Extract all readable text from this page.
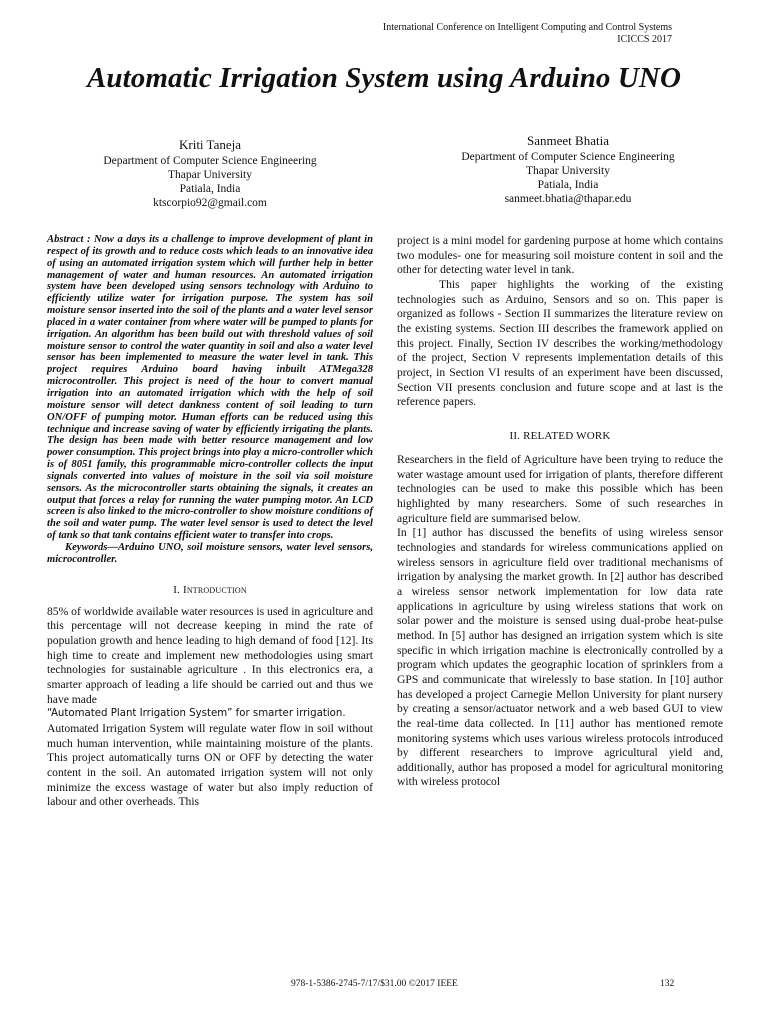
International Conference on Intelligent Computing and Control Systems
ICICCS 2017
Automatic Irrigation System using Arduino UNO
Kriti Taneja
Department of Computer Science Engineering
Thapar University
Patiala, India
ktscorpio92@gmail.com
Sanmeet Bhatia
Department of Computer Science Engineering
Thapar University
Patiala, India
sanmeet.bhatia@thapar.edu

Abstract : Now a days its a challenge to improve development of plant in respect of its growth and to reduce costs which leads to an innovative idea of using an automated irrigation system which will further help in better management of water and human resources. An automated irrigation system have been developed using sensors technology with Arduino to efficiently utilize water for irrigation purpose. The system has soil moisture sensor inserted into the soil of the plants and a water level sensor placed in a water container from where water will be pumped to plants for irrigation. An algorithm has been build out with threshold values of soil moisture sensor to control the water quantity in soil and also a water level sensor has been implemented to measure the water level in tank. This project requires Arduino board having inbuilt ATMega328 microcontroller. This project is need of the hour to convert manual irrigation into an automated irrigation which with the help of soil moisture sensor will detect dankness content of soil leading to turn ON/OFF of pumping motor. Human efforts can be reduced using this technique and increase saving of water by efficiently irrigating the plants. The design has been made with better resource management and low power consumption. This project brings into play a micro-controller which is of 8051 family, this programmable micro-controller collects the input signals converted into values of moisture in the soil via soil moisture sensors. As the microcontroller starts obtaining the signals, it creates an output that forces a relay for running the water pumping motor. An LCD screen is also linked to the micro-controller to show moisture conditions of the soil and water pump. The water level sensor is used to detect the level of tank so that tank contains efficient water to transfer into crops.

Keywords—Arduino UNO, soil moisture sensors, water level sensors, microcontroller.

I. Introduction

85% of worldwide available water resources is used in agriculture and this percentage will not decrease keeping in mind the rate of population growth and hence leading to high demand of food [12]. Its high time to create and implement new methodologies using smart technologies for sustainable agriculture . In this electronics era, a smarter approach of leading a life should be carried out and thus we have made

“Automated Plant Irrigation System” for smarter irrigation.

Automated Irrigation System will regulate water flow in soil without much human intervention, while maintaining moisture of the plants. This project automatically turns ON or OFF by detecting the water content in the soil. An automated irrigation system will not only minimize the excess wastage of water but also imply reduction of labour and other overheads. This

project is a mini model for gardening purpose at home which contains two modules- one for measuring soil moisture content in soil and the other for detecting water level in tank.

This paper highlights the working of the existing technologies such as Arduino, Sensors and so on. This paper is organized as follows - Section II summarizes the literature review on the existing systems. Section III describes the framework applied on this project. Finally, Section IV describes the working/methodology of the project, Section V represents implementation details of this project, in Section VI results of an experiment have been discussed, Section VII presents conclusion and future scope and at last is the reference papers.

II. RELATED WORK

Researchers in the field of Agriculture have been trying to reduce the water wastage amount used for irrigation of plants, therefore different technologies can be used to make this possible which has been highlighted by many researchers. Some of such researches in agriculture field are summarised below.

In [1] author has discussed the benefits of using wireless sensor technologies and standards for wireless communications applied on wireless sensors in agriculture field over traditional mechanisms of irrigation by analysing the market growth. In [2] author has described a wireless sensor network implementation for low data rate applications in agriculture by using wireless stations that work on solar power and the moisture is sensed using dual-probe heat-pulse method. In [5] author has designed an irrigation system which is site specific in which irrigation machine is electronically controlled by a program which updates the geographic location of sprinklers from a GPS and communicate that wirelessly to base station. In [10] author has developed a project Carnegie Mellon University for plant nursery by creating a sensor/actuator network and a web based GUI to view the real-time data collected. In [11] author has mentioned remote monitoring systems which uses various wireless protocols introduced by different researchers to improve agricultural yield and, additionally, author has proposed a model for agricultural monitoring with wireless protocol

978-1-5386-2745-7/17/$31.00 ©2017 IEEE	132
